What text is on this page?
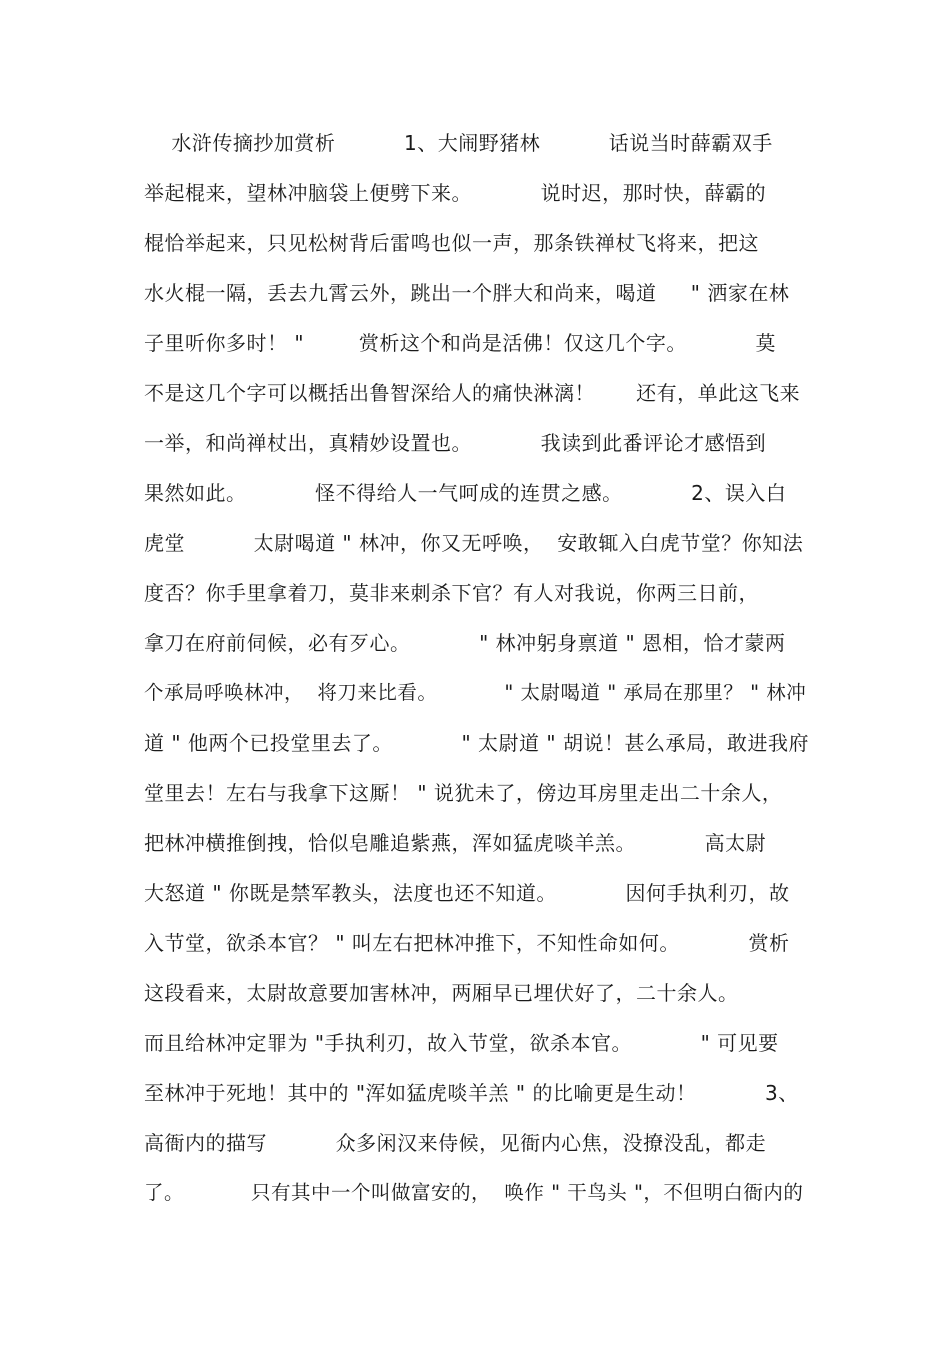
水浒传摘抄加赏析          1、大闹野猪林          话说当时薛霸双手
举起棍来，望林冲脑袋上便劈下来。          说时迟，那时快，薛霸的
棍恰举起来，只见松树背后雷鸣也似一声，那条铁禅杖飞将来，把这
水火棍一隔，丢去九霄云外，跳出一个胖大和尚来，喝道     " 洒家在林
子里听你多时！ "        赏析这个和尚是活佛！仅这几个字。          莫
不是这几个字可以概括出鲁智深给人的痛快淋漓！      还有，单此这飞来
一举，和尚禅杖出，真精妙设置也。          我读到此番评论才感悟到
果然如此。          怪不得给人一气呵成的连贯之感。          2、误入白
虎堂          太尉喝道 " 林冲，你又无呼唤，  安敢辄入白虎节堂？你知法
度否？你手里拿着刀，莫非来刺杀下官？有人对我说，你两三日前，
拿刀在府前伺候，必有歹心。          " 林冲躬身禀道 " 恩相，恰才蒙两
个承局呼唤林冲，  将刀来比看。          " 太尉喝道 " 承局在那里？ " 林冲
道 " 他两个已投堂里去了。          " 太尉道 " 胡说！甚么承局，敢进我府
堂里去！左右与我拿下这厮！ " 说犹未了，傍边耳房里走出二十余人，
把林冲横推倒拽，恰似皂雕追紫燕，浑如猛虎啖羊羔。          高太尉
大怒道 " 你既是禁军教头，法度也还不知道。          因何手执利刃，故
入节堂，欲杀本官？ " 叫左右把林冲推下，不知性命如何。          赏析
这段看来，太尉故意要加害林冲，两厢早已埋伏好了，二十余人。
而且给林冲定罪为 "手执利刃，故入节堂，欲杀本官。          " 可见要
至林冲于死地！其中的 "浑如猛虎啖羊羔 " 的比喻更是生动！          3、
高衙内的描写          众多闲汉来侍候，见衙内心焦，没撩没乱，都走
了。          只有其中一个叫做富安的，  唤作 " 干鸟头 "，不但明白衙内的
